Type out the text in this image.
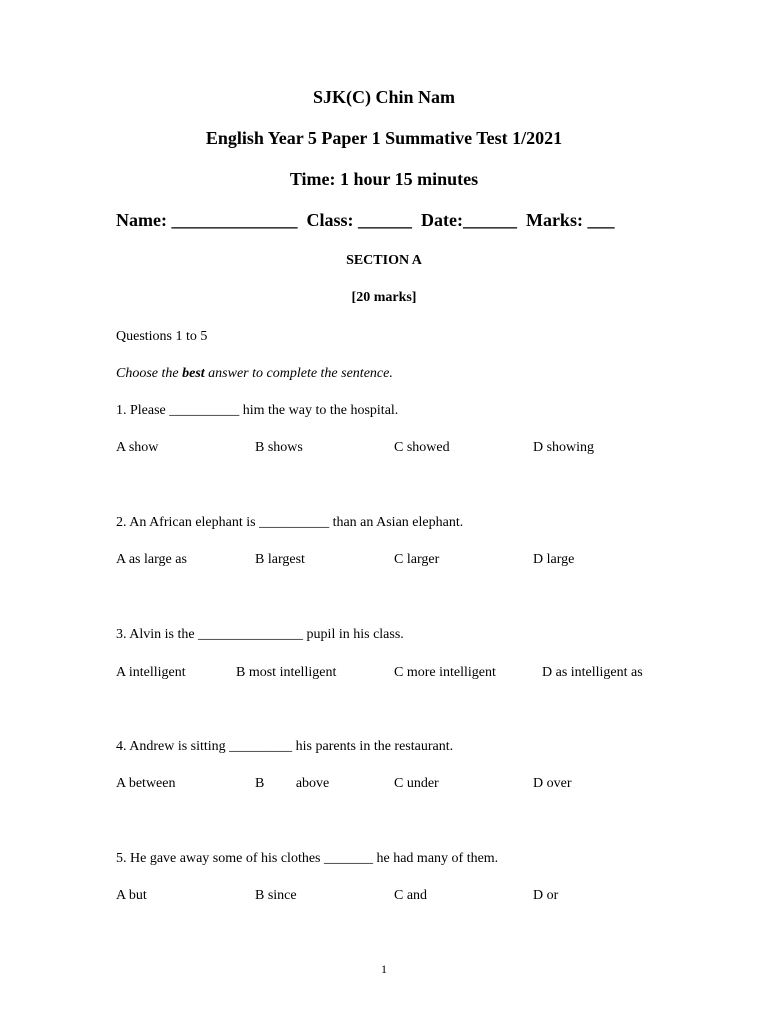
SJK(C) Chin Nam
English Year 5 Paper 1 Summative Test 1/2021
Time: 1 hour 15 minutes
Name: ______________  Class: ______  Date:______  Marks: ___
SECTION A
[20 marks]
Questions 1 to 5
Choose the best answer to complete the sentence.
1. Please __________ him the way to the hospital.
A show	B shows	C showed	D showing
2. An African elephant is __________ than an Asian elephant.
A as large as	B largest	C larger	D large
3. Alvin is the _______________ pupil in his class.
A intelligent	B most intelligent	C more intelligent	D as intelligent as
4. Andrew is sitting _________ his parents in the restaurant.
A between	B         above	C under	D over
5. He gave away some of his clothes _______ he had many of them.
A but	B since	C and	D or
1
